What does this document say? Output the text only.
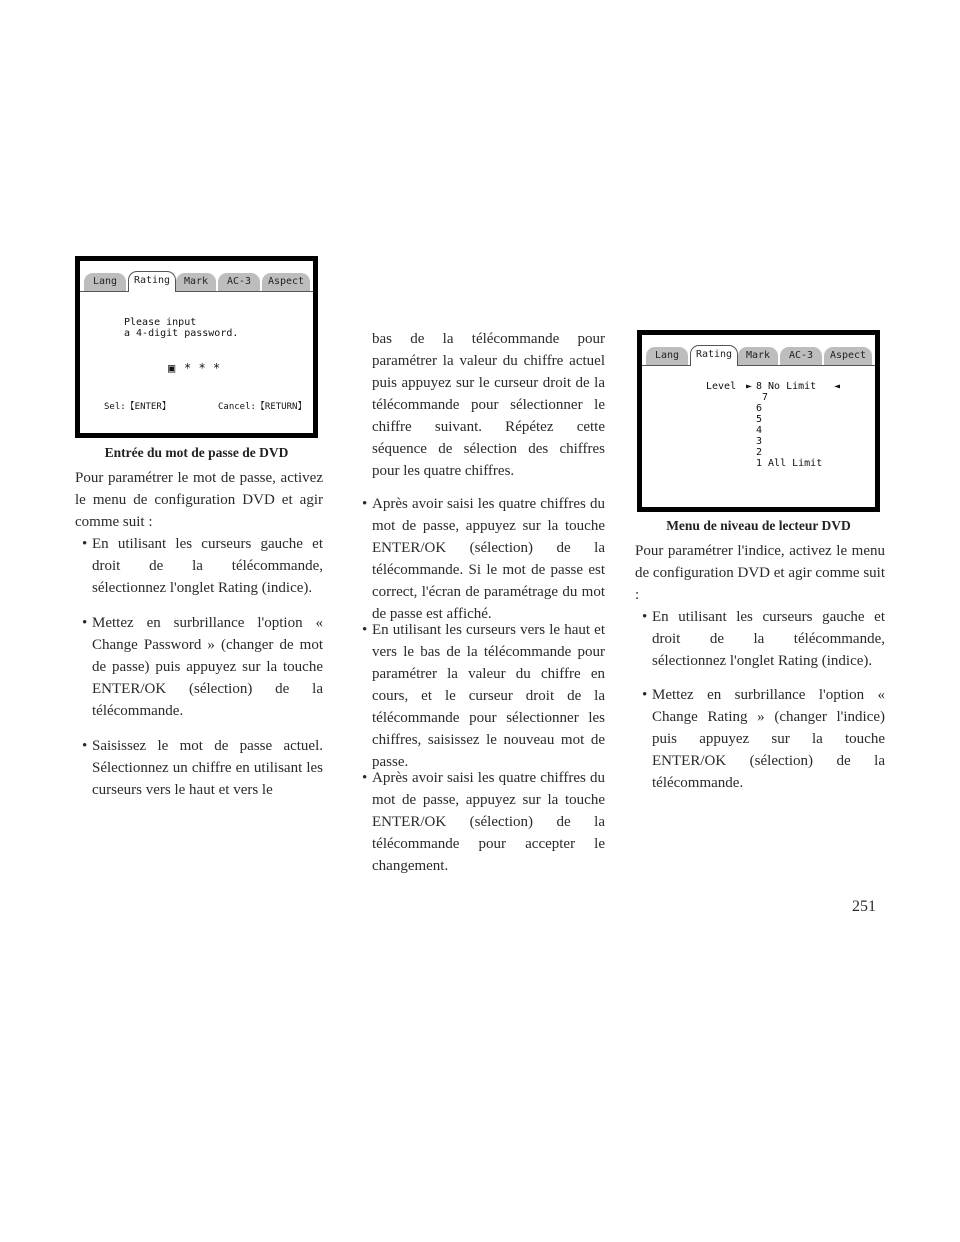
Lang	Rating	Mark	AC-3	Aspect
Please input
a 4-digit password.
▣ * * *
Sel:【ENTER】	Cancel:【RETURN】
Entrée du mot de passe de DVD

Pour paramétrer le mot de passe, activez le menu de configuration DVD et agir comme suit :

• En utilisant les curseurs gauche et droit de la télécommande, sélectionnez l'onglet Rating (indice).

• Mettez en surbrillance l'option « Change Password » (changer de mot de passe) puis appuyez sur la touche ENTER/OK (sélection) de la télécommande.

• Saisissez le mot de passe actuel. Sélectionnez un chiffre en utilisant les curseurs vers le haut et vers le

bas de la télécommande pour paramétrer la valeur du chiffre actuel puis appuyez sur le curseur droit de la télécommande pour sélectionner le chiffre suivant. Répétez cette séquence de sélection des chiffres pour les quatre chiffres.

• Après avoir saisi les quatre chiffres du mot de passe, appuyez sur la touche ENTER/OK (sélection) de la télécommande. Si le mot de passe est correct, l'écran de paramétrage du mot de passe est affiché.

• En utilisant les curseurs vers le haut et vers le bas de la télécommande pour paramétrer la valeur du chiffre en cours, et le curseur droit de la télécommande pour sélectionner les chiffres, saisissez le nouveau mot de passe.

• Après avoir saisi les quatre chiffres du mot de passe, appuyez sur la touche ENTER/OK (sélection) de la télécommande pour accepter le changement.

Lang	Rating	Mark	AC-3	Aspect
Level ►	◄
8 No Limit
7
6
5
4
3
2
1 All Limit
Menu de niveau de lecteur DVD

Pour paramétrer l'indice, activez le menu de configuration DVD et agir comme suit :

• En utilisant les curseurs gauche et droit de la télécommande, sélectionnez l'onglet Rating (indice).

• Mettez en surbrillance l'option « Change Rating » (changer l'indice) puis appuyez sur la touche ENTER/OK (sélection) de la télécommande.

251
